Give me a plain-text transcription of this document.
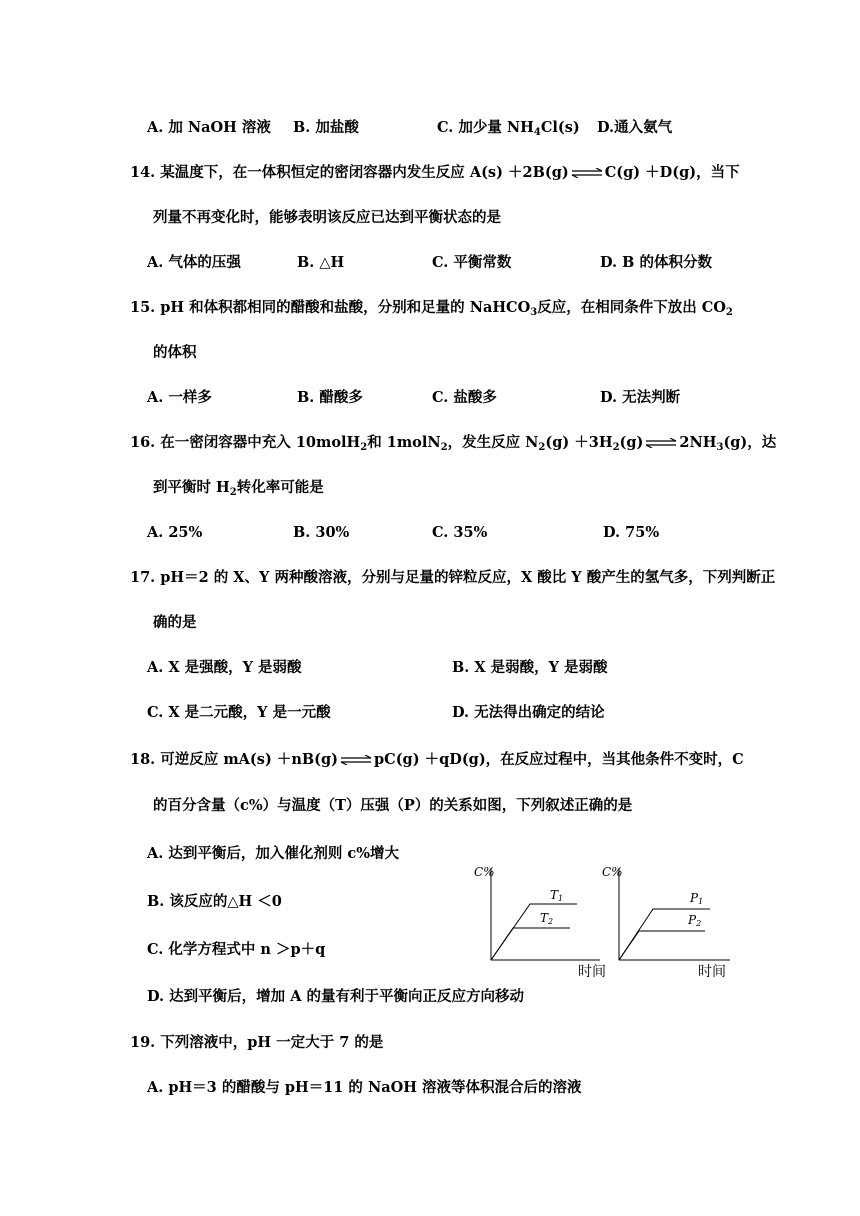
A. 加 NaOH 溶液 B. 加盐酸	C. 加少量 $NH_4Cl(s)$ D.通入氨气
14. 某温度下，在一体积恒定的密闭容器内发生反应 A(s) ＋2B(g) C(g) ＋D(g)，当下
列量不再变化时，能够表明该反应已达到平衡状态的是
A. 气体的压强	B. △H	C. 平衡常数	D. B 的体积分数
15. pH 和体积都相同的醋酸和盐酸，分别和足量的 NaHCO$_3$反应，在相同条件下放出 $CO_2$
的体积
A. 一样多	B. 醋酸多	C. 盐酸多	D. 无法判断
16. 在一密闭容器中充入 10molH$_2$和 1molN$_2$，发生反应 $N_2(g) +3H_2(g)$ $2NH_3(g)$，达
到平衡时 $H_2$转化率可能是
A. 25%	B. 30%	C. 35%	D. 75%
17. pH＝2 的 X、Y 两种酸溶液，分别与足量的锌粒反应，X 酸比 Y 酸产生的氢气多，下列判断正
确的是
A. X 是强酸，Y 是弱酸	B. X 是弱酸，Y 是弱酸
C. X 是二元酸，Y 是一元酸	D. 无法得出确定的结论
18. 可逆反应 mA(s) ＋nB(g) pC(g) ＋qD(g)，在反应过程中，当其他条件不变时，C
的百分含量（c%）与温度（T）压强（P）的关系如图，下列叙述正确的是
A. 达到平衡后，加入催化剂则 c%增大
B. 该反应的△H ＜0
C. 化学方程式中 n ＞p＋q
D. 达到平衡后，增加 A 的量有利于平衡向正反应方向移动
C%
时间
T1
T2
C%
时间
P1
P2
19. 下列溶液中，pH 一定大于 7 的是
A. pH＝3 的醋酸与 pH＝11 的 NaOH 溶液等体积混合后的溶液
